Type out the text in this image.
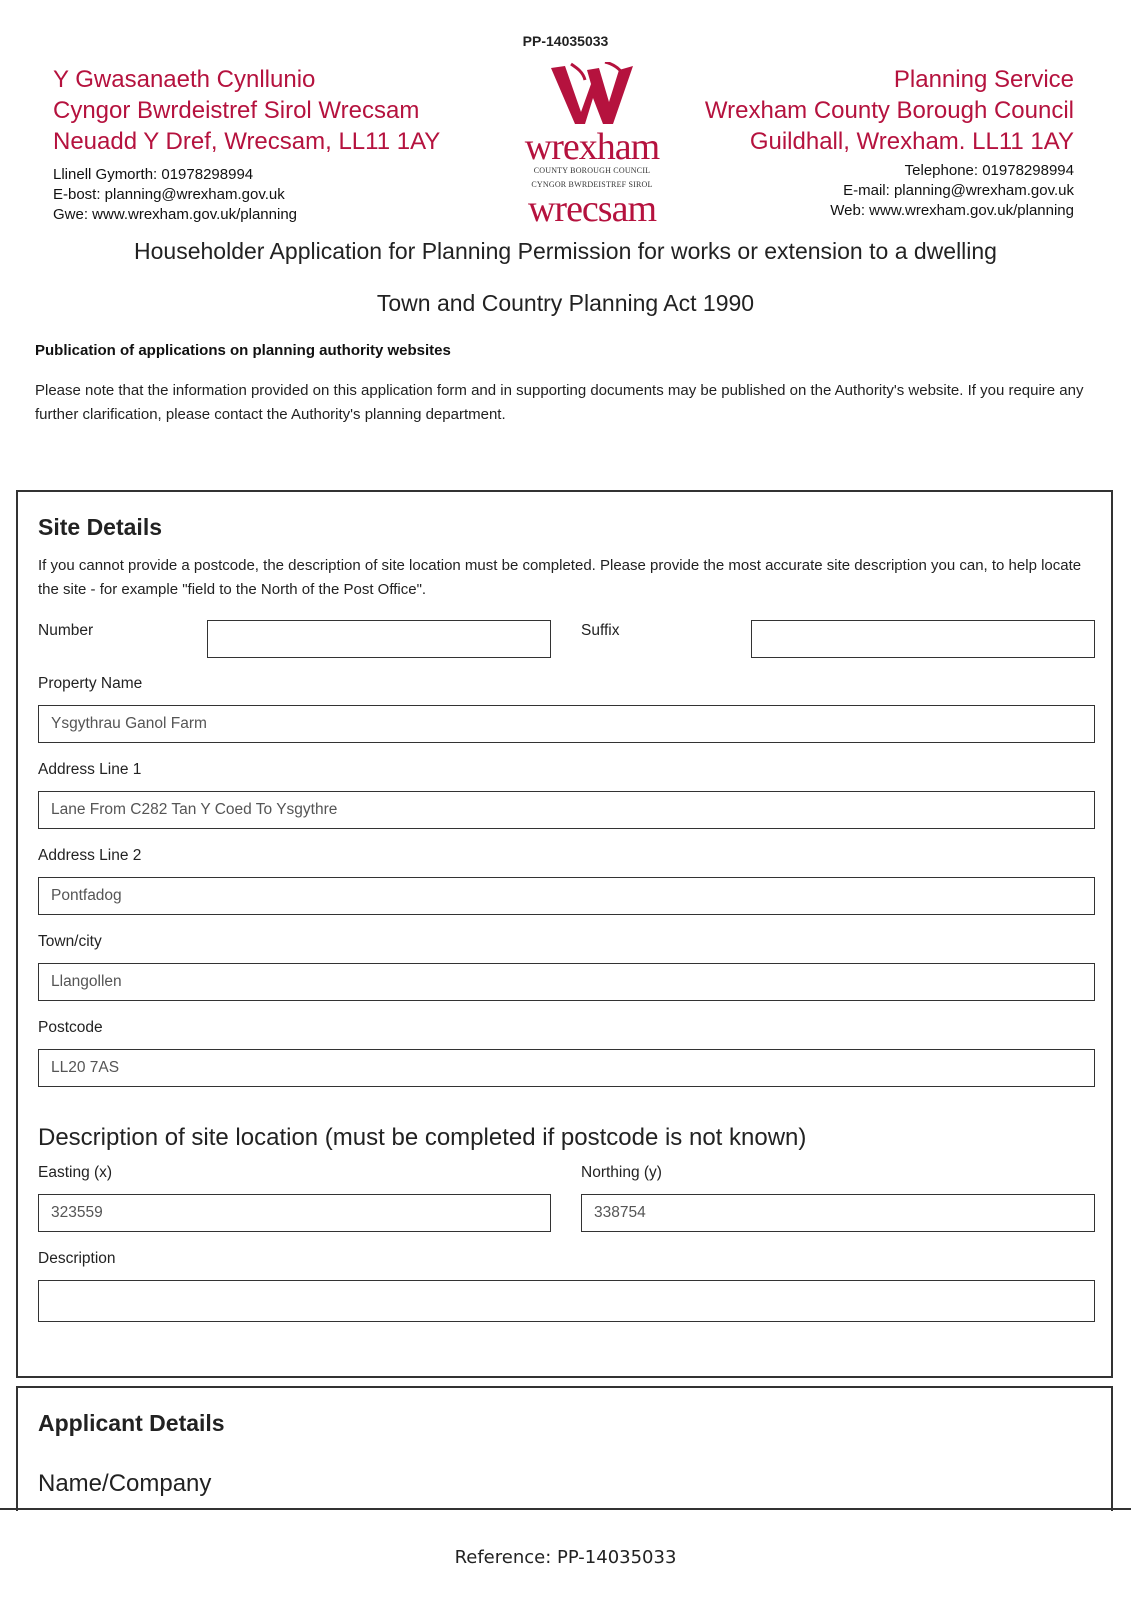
PP-14035033
Y Gwasanaeth Cynllunio
Cyngor Bwrdeistref Sirol Wrecsam
Neuadd Y Dref, Wrecsam, LL11 1AY
Llinell Gymorth: 01978298994
E-bost: planning@wrexham.gov.uk
Gwe: www.wrexham.gov.uk/planning
wrexham
COUNTY BOROUGH COUNCIL
CYNGOR BWRDEISTREF SIROL
wrecsam
Planning Service
Wrexham County Borough Council
Guildhall, Wrexham. LL11 1AY
Telephone: 01978298994
E-mail: planning@wrexham.gov.uk
Web: www.wrexham.gov.uk/planning
Householder Application for Planning Permission for works or extension to a dwelling
Town and Country Planning Act 1990
Publication of applications on planning authority websites
Please note that the information provided on this application form and in supporting documents may be published on the Authority's website. If you require any further clarification, please contact the Authority's planning department.
Site Details
If you cannot provide a postcode, the description of site location must be completed. Please provide the most accurate site description you can, to help locate the site - for example "field to the North of the Post Office".
Number	Suffix
Property Name
Ysgythrau Ganol Farm
Address Line 1
Lane From C282 Tan Y Coed To Ysgythre
Address Line 2
Pontfadog
Town/city
Llangollen
Postcode
LL20 7AS
Description of site location (must be completed if postcode is not known)
Easting (x)
323559
Northing (y)
338754
Description
Applicant Details
Name/Company
Reference: PP-14035033
